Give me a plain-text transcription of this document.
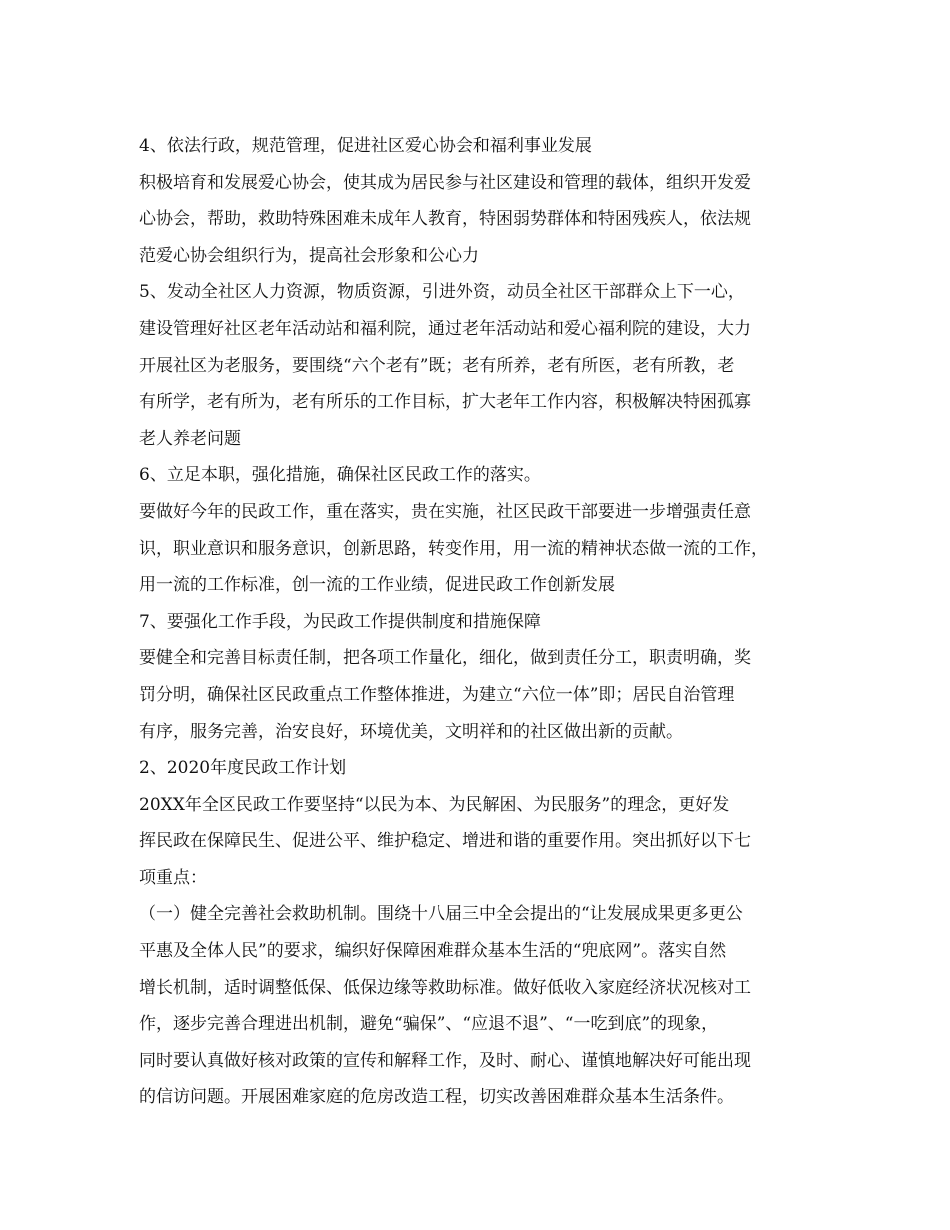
4、依法行政，规范管理，促进社区爱心协会和福利事业发展
积极培育和发展爱心协会，使其成为居民参与社区建设和管理的载体，组织开发爱
心协会，帮助，救助特殊困难未成年人教育，特困弱势群体和特困残疾人，依法规
范爱心协会组织行为，提高社会形象和公心力
5、发动全社区人力资源，物质资源，引进外资，动员全社区干部群众上下一心，
建设管理好社区老年活动站和福利院，通过老年活动站和爱心福利院的建设，大力
开展社区为老服务，要围绕“六个老有”既；老有所养，老有所医，老有所教，老
有所学，老有所为，老有所乐的工作目标，扩大老年工作内容，积极解决特困孤寡
老人养老问题
6、立足本职，强化措施，确保社区民政工作的落实。
要做好今年的民政工作，重在落实，贵在实施，社区民政干部要进一步增强责任意
识，职业意识和服务意识，创新思路，转变作用，用一流的精神状态做一流的工作，
用一流的工作标准，创一流的工作业绩，促进民政工作创新发展
7、要强化工作手段，为民政工作提供制度和措施保障
要健全和完善目标责任制，把各项工作量化，细化，做到责任分工，职责明确，奖
罚分明，确保社区民政重点工作整体推进，为建立“六位一体”即；居民自治管理
有序，服务完善，治安良好，环境优美，文明祥和的社区做出新的贡献。
2、2020年度民政工作计划
20XX年全区民政工作要坚持“以民为本、为民解困、为民服务”的理念，更好发
挥民政在保障民生、促进公平、维护稳定、增进和谐的重要作用。突出抓好以下七
项重点：
（一）健全完善社会救助机制。围绕十八届三中全会提出的“让发展成果更多更公
平惠及全体人民”的要求，编织好保障困难群众基本生活的“兜底网”。落实自然
增长机制，适时调整低保、低保边缘等救助标准。做好低收入家庭经济状况核对工
作，逐步完善合理进出机制，避免“骗保”、“应退不退”、“一吃到底”的现象，
同时要认真做好核对政策的宣传和解释工作，及时、耐心、谨慎地解决好可能出现
的信访问题。开展困难家庭的危房改造工程，切实改善困难群众基本生活条件。
